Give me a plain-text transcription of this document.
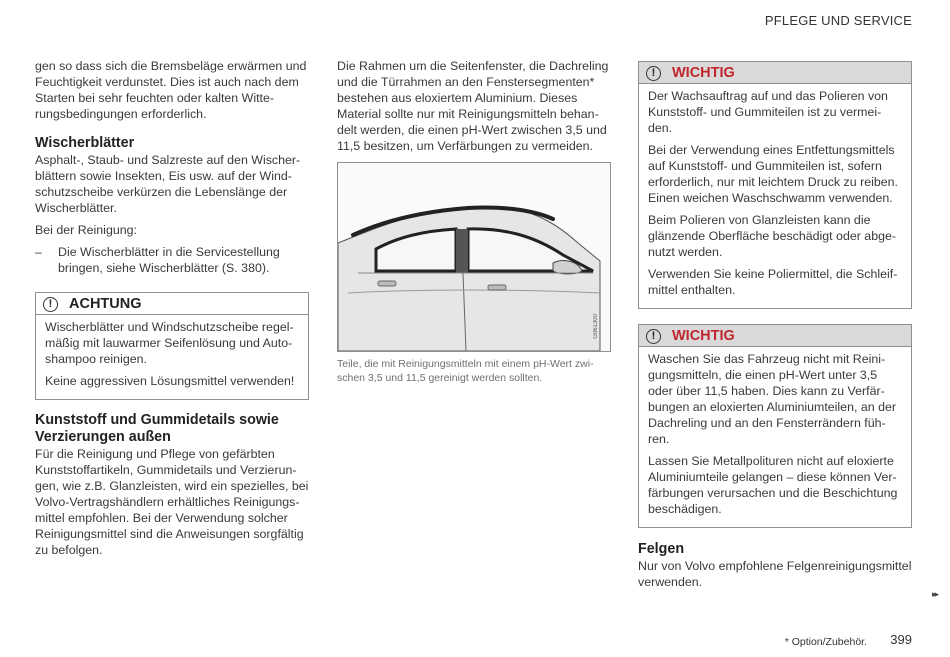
PFLEGE UND SERVICE

gen so dass sich die Bremsbeläge erwärmen und Feuchtigkeit verdunstet. Dies ist auch nach dem Starten bei sehr feuchten oder kalten Witterungsbedingungen erforderlich.

Wischerblätter

Asphalt-, Staub- und Salzreste auf den Wischerblättern sowie Insekten, Eis usw. auf der Windschutzscheibe verkürzen die Lebenslänge der Wischerblätter.

Bei der Reinigung:

–	Die Wischerblätter in die Servicestellung bringen, siehe Wischerblätter (S. 380).
!	ACHTUNG

Wischerblätter und Windschutzscheibe regelmäßig mit lauwarmer Seifenlösung und Autoshampoo reinigen.

Keine aggressiven Lösungsmittel verwenden!

Kunststoff und Gummidetails sowie Verzierungen außen

Für die Reinigung und Pflege von gefärbten Kunststoffartikeln, Gummidetails und Verzierungen, wie z.B. Glanzleisten, wird ein spezielles, bei Volvo-Vertragshändlern erhältliches Reinigungsmittel empfohlen. Bei der Verwendung solcher Reinigungsmittel sind die Anweisungen sorgfältig zu befolgen.

Die Rahmen um die Seitenfenster, die Dachreling und die Türrahmen an den Fenstersegmenten* bestehen aus eloxiertem Aluminium. Dieses Material sollte nur mit Reinigungsmitteln behandelt werden, die einen pH-Wert zwischen 3,5 und 11,5 besitzen, um Verfärbungen zu vermeiden.

G061300
Teile, die mit Reinigungsmitteln mit einem pH-Wert zwischen 3,5 und 11,5 gereinigt werden sollten.
!	WICHTIG

Der Wachsauftrag auf und das Polieren von Kunststoff- und Gummiteilen ist zu vermeiden.

Bei der Verwendung eines Entfettungsmittels auf Kunststoff- und Gummiteilen ist, sofern erforderlich, nur mit leichtem Druck zu reiben. Einen weichen Waschschwamm verwenden.

Beim Polieren von Glanzleisten kann die glänzende Oberfläche beschädigt oder abgenutzt werden.

Verwenden Sie keine Poliermittel, die Schleifmittel enthalten.

!	WICHTIG

Waschen Sie das Fahrzeug nicht mit Reinigungsmitteln, die einen pH-Wert unter 3,5 oder über 11,5 haben. Dies kann zu Verfärbungen an eloxierten Aluminiumteilen, an der Dachreling und an den Fensterrändern führen.

Lassen Sie Metallpolituren nicht auf eloxierte Aluminiumteile gelangen – diese können Verfärbungen verursachen und die Beschichtung beschädigen.

Felgen

Nur von Volvo empfohlene Felgenreinigungsmittel verwenden.

▸▸
* Option/Zubehör. 399
